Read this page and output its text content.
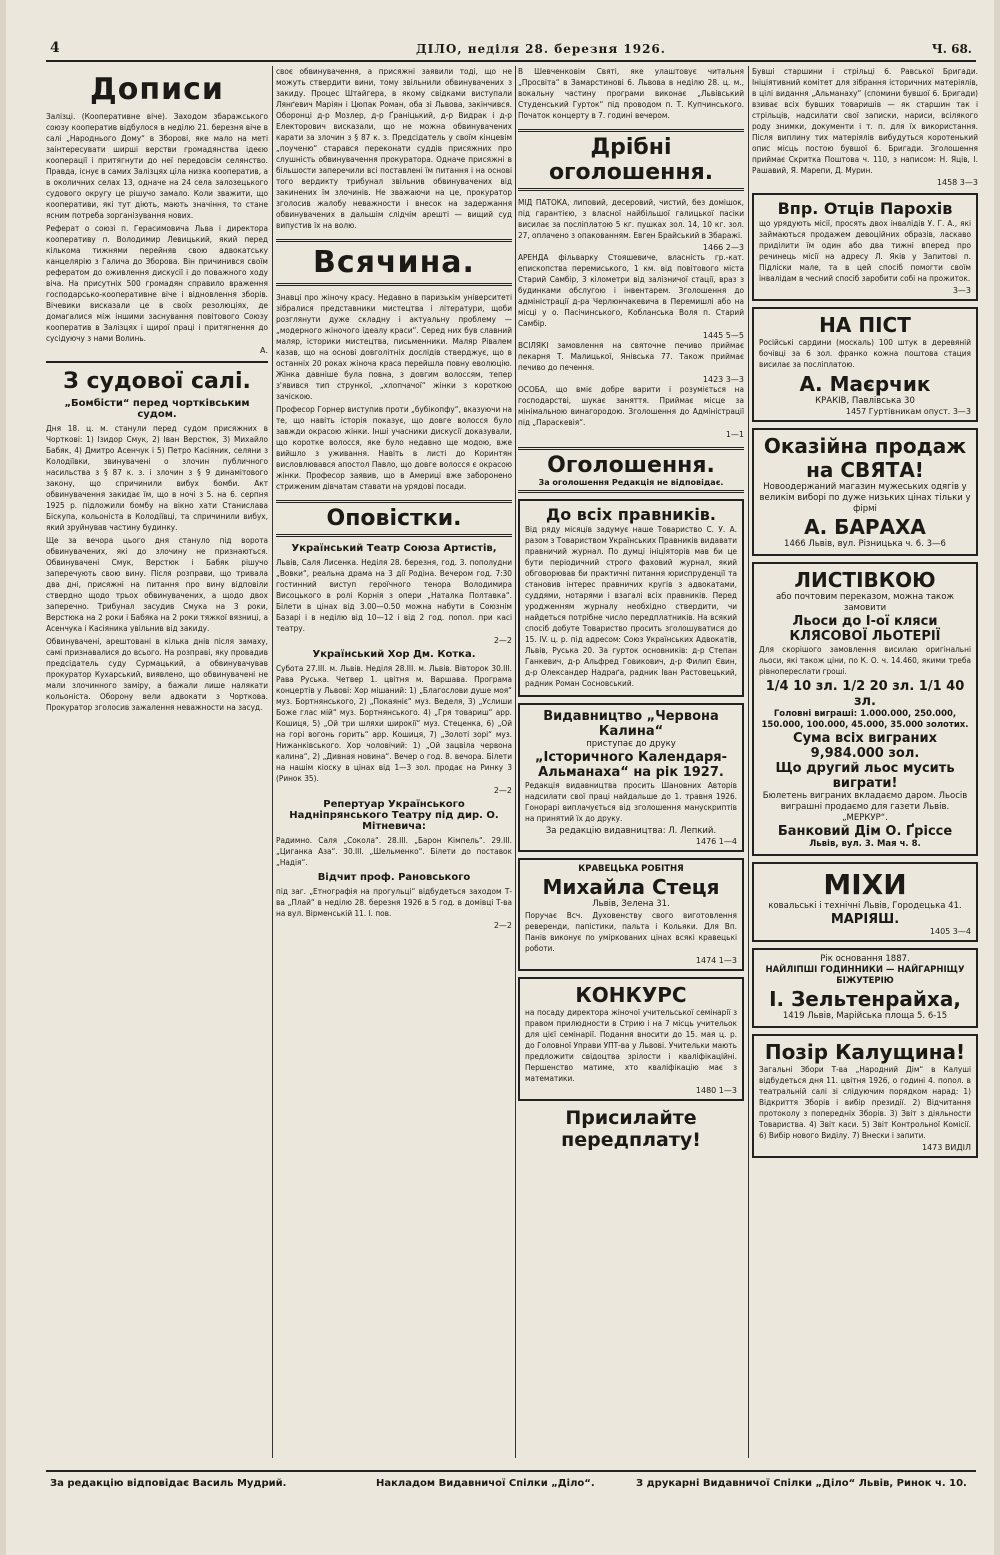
4	ДІЛО, неділя 28. березня 1926.	Ч. 68.
Дописи

Залізці. (Кооперативне віче). Заходом збаражського союзу кооператив відбулося в неділю 21. березня віче в салі „Народнього Дому“ в Зборові, яке мало на меті заінтересувати ширші верстви громадянства ідеєю кооперації і притягнути до неї передовсім селянство. Правда, існує в самих Залізцях ціла низка кооператив, а в околичних селах 13, одначе на 24 села залозецького судового округу це рішучо замало. Коли зважити, що кооперативи, які тут діють, мають значіння, то стане ясним потреба зорганізування нових.

Реферат о союзі п. Герасимовича Льва і директора кооперативу п. Володимир Левицький, який перед кількома тижнями перейняв свою адвокатську канцелярію з Галича до Зборова. Він причинився своїм рефератом до оживлення дискусії і до поважного ходу віча. На присутніх 500 громадян справило враження господарсько-кооперативне віче і відновлення зборів. Вічевики висказали це в своїх резолюціях, де домагалися між іншими заснування повітового Союзу кооператив в Залізцях і щирої праці і притягнення до сусідуючу з нами Волинь.

А.
З судової салі.
„Бомбісти“ перед чортківським судом.

Дня 18. ц. м. станули перед судом присяжних в Чорткові: 1) Ізидор Смук, 2) Іван Верстюк, 3) Михайло Бабяк, 4) Дмитро Асенчук і 5) Петро Касіяник, селяни з Колодіївки, звинувачені о злочин публичного насильства з § 87 к. з. і злочин з § 9 динамітового закону, що спричинили вибух бомби. Акт обвинувачення закидає їм, що в ночі з 5. на 6. серпня 1925 р. підложили бомбу на вікно хати Станислава Біскупа, кольоніста в Колодіївці, та спричинили вибух, який зруйнував частину будинку.

Ще за вечора цього дня стануло під ворота обвинувачених, які до злочину не признаються. Обвинувачені Смук, Верстюк і Бабяк рішучо заперечують свою вину. Після розправи, що тривала два дні, присяжні на питання про вину відповіли ствердно щодо трьох обвинувачених, а щодо двох заперечно. Трибунал засудив Смука на 3 роки, Верстюка на 2 роки і Бабяка на 2 роки тяжкої вязниці, а Асенчука і Касіяника увільнив від закиду.

Обвинувачені, арештовані в кілька днів після замаху, самі признавалися до всього. На розправі, яку провадив предсідатель суду Сурмацький, а обвинувачував прокуратор Кухарський, виявлено, що обвинувачені не мали злочинного заміру, а бажали лише налякати кольоніста. Оборону вели адвокати з Чорткова. Прокуратор зголосив зажалення неважности на засуд.

своє обвинувачення, а присяжні заявили тоді, що не можуть ствердити вини, тому звільнили обвинувачених з закиду. Процес Штайгера, в якому свідками виступали Лянґевич Маріян і Цюпак Роман, оба зі Львова, закінчився. Оборонці д-р Мозлер, д-р Ґраніцький, д-р Видрак і д-р Електорович висказали, що не можна обвинувачених карати за злочин з § 87 к. з. Предсідатель у своїм кінцевім „поученю“ старався переконати суддів присяжних про слушність обвинувачення прокуратора. Одначе присяжні в більшости заперечили всі поставлені їм питання і на основі того вердикту трибунал звільнив обвинувачених від закинених їм злочинів. Не зважаючи на це, прокуратор зголосив жалобу неважности і внесок на задержання обвинувачених в дальшім слідчім арешті — вищий суд випустив їх на волю.

Всячина.

Знавці про жіночу красу. Недавно в паризькім університеті зібралися представники мистецтва і літератури, щоби розглянути дуже складну і актуальну проблему — „модерного жіночого ідеалу краси“. Серед них був славний маляр, історики мистецтва, письменники. Маляр Рівалем казав, що на основі довголітніх дослідів стверджує, що в останніх 20 роках жіноча краса перейшла повну еволюцію. Жінка давніше була повна, з довгим волоссям, тепер з'явився тип стрункої, „хлопчачої“ жінки з короткою зачіскою.

Професор Горнер виступив проти „бубікопфу“, вказуючи на те, що навіть історія показує, що довге волосся було завжди окрасою жінки. Інші учасники дискусії доказували, що коротке волосся, яке було недавно ще модою, вже вийшло з уживання. Навіть в листі до Коринтян висловлювався апостол Павло, що довге волосся є окрасою жінки. Професор заявив, що в Америці вже заборонено стриженим дівчатам ставати на урядові посади.

Оповістки.
Український Театр Союза Артистів,

Львів, Саля Лисенка. Неділя 28. березня, год. 3. пополудни „Вовки“, реальна драма на 3 дії Родіна. Вечером год. 7:30 гостинний виступ героїчного тенора Володимира Висоцького в ролі Корнія з опери „Наталка Полтавка“. Білети в цінах від 3.00—0.50 можна набути в Союзнім Базарі і в неділю від 10—12 і від 2 год. попол. при касі театру.

2—2
Український Хор Дм. Котка.

Субота 27.III. м. Львів. Неділя 28.III. м. Львів. Вівторок 30.III. Рава Руська. Четвер 1. цвітня м. Варшава. Програма концертів у Львові: Хор мішаний: 1) „Благослови душе моя“ муз. Бортнянського, 2) „Покаяніє“ муз. Веделя, 3) „Услиши Боже глас мій“ муз. Бортнянського. 4) „Гря товариш“ арр. Кошиця, 5) „Ой три шляхи широкії“ муз. Стеценка, 6) „Ой на горі вогонь горить“ арр. Кошиця, 7) „Золоті зорі“ муз. Нижанківського. Хор чоловічий: 1) „Ой зацвіла червона калина“, 2) „Дивная новина“. Вечер о год. 8. вечора. Білети на нашім кіоску в цінах від 1—3 зол. продає на Ринку 3 (Ринок 35).

2—2
Репертуар Українського Надніпрянського Театру під дир. О. Мітневича:

Радимно. Саля „Сокола“. 28.III. „Барон Кімпель“. 29.III. „Циганка Аза“. 30.III. „Шельменко“. Білети до поставок „Надія“.

Відчит проф. Рановського

під заг. „Етнографія на прогульці“ відбудеться заходом Т-ва „Плай“ в неділю 28. березня 1926 в 5 год. в домівці Т-ва на вул. Вірменській 11. І. пов.

2—2

В Шевченковім Святі, яке улаштовує читальня „Просвіта“ в Замарстинові 6. Львова в неділю 28. ц. м., вокальну частину програми виконає „Львівський Студенський Гурток“ під проводом п. Т. Купчинського. Початок концерту в 7. годині вечером.

Дрібні оголошення.

МІД ПАТОКА, липовий, десеровий, чистий, без домішок, під гарантією, з власної найбільшої галицької пасіки висилає за посліплатою 5 кг. пушках зол. 14, 10 кг. зол. 27, оплачено з опакованням. Евген Брайський в Збаражі.

1466 2—3

АРЕНДА фільварку Стояшевиче, власність гр.-кат. епископства перемиського, 1 км. від повітового міста Старий Самбір, 3 кілометри від залізничої стації, враз з будинками обслугою і інвентарем. Зголошення до адміністрації д-ра Черлюнчакевича в Перемишлі або на місці у о. Пасічинського, Кобланська Воля п. Старий Самбір.

1445 5—5

ВСІЛЯКІ замовлення на святочне печиво приймає пекарня Т. Малицької, Янівська 77. Також приймає печиво до печення.

1423 3—3

ОСОБА, що вміє добре варити і розуміється на господарстві, шукає заняття. Приймає місце за мінімальною винагородою. Зголошення до Адміністрації під „Параскевія“.

1—1
Оголошення.
За оголошення Редакція не відповідає.
До всіх правників.

Від ряду місяців задумує наше Товариство С. У. А. разом з Товариством Українських Правників видавати правничий журнал. По думці ініціяторів мав би це бути періодичний строго фаховий журнал, який обговорював би практичні питання юриспруденції та становив інтерес правничих кругів з адвокатами, суддями, нотарями і взагалі всіх правників. Перед уродженням журналу необхідно ствердити, чи найдеться потрібне число передплатників. На всякий спосіб добуте Товариство просить зголошуватися до 15. IV. ц. р. під адресом: Союз Українських Адвокатів, Львів, Руська 20. За гурток основників: д-р Степан Ганкевич, д-р Альфред Говикович, д-р Филип Євин, д-р Олександер Надраґа, радник Іван Растовецький, радник Роман Сосновський.

Видавництво „Червона Калина“
приступає до друку
„Історичного Календаря-Альманаха“ на рік 1927.

Редакція видавництва просить Шановних Авторів надсилати свої праці найдальше до 1. травня 1926. Гонорарі виплачується від зголошення манускриптів на принятий їх до друку.

За редакцію видавництва: Л. Лепкий.
1476 1—4
КРАВЕЦЬКА РОБІТНЯ
Михайла Стеця
Львів, Зелена 31.

Поручає Всч. Духовенству свого виготовлення реверенди, папістики, пальта і Кольяки. Для Вп. Панів виконує по уміркованих цінах всякі кравецькі роботи.

1474 1—3
КОНКУРС

на посаду директора жіночої учительської семінарії з правом прилюдности в Стрию і на 7 місць учительок для цієї семінарії. Подання вносити до 15. мая ц. р. до Головної Управи УПТ-ва у Львові. Учительки мають предложити свідоцтва зрілости і кваліфікаційні. Першенство матиме, хто кваліфікацію має з математики.

1480 1—3
Присилайте передплату!

Бувші старшини і стрільці 6. Равської Бригади. Ініціятивний комітет для зібрання історичних матеріялів, в цілі видання „Альманаху“ (спомини бувшої 6. Бригади) взиває всіх бувших товаришів — як старшин так і стрільців, надсилати свої записки, нариси, всілякого роду знимки, документи і т. п. для їх використання. Після виплину тих матеріялів вибудуться коротенький опис місць постою бувшої 6. Бригади. Зголошення приймає Скритка Поштова ч. 110, з написом: Н. Яців, І. Рашавий, Я. Марепи, Д. Мурин.

1458 3—3
Впр. Отців Парохів

що урядують місії, просять двох інвалідів У. Г. А., які займаються продажем девоційних образів, ласкаво приділити їм один або два тижні вперед про речинець місії на адресу Л. Яків у Запитові п. Підліски мале, та в цей спосіб помогти своїм інвалідам в чесний спосіб заробити собі на прожиток.

3—3
НА ПІСТ

Російські сардини (москаль) 100 штук в деревяній бочівці за 6 зол. франко кожна поштова стация висилає за посліплатою.

А. Маєрчик
КРАКІВ, Павлівська 30
1457 Гуртівникам опуст. 3—3
Оказійна продаж на СВЯТА!
Новоодержаний магазин мужеських одягів у великім виборі по дуже низьких цінах тільки у фірмі
А. БАРАХА
1466 Львів, вул. Різницька ч. 6. 3—6
ЛИСТІВКОЮ
або почтовим переказом, можна також замовити
Льоси до І-ої кляси КЛЯСОВОЇ ЛЬОТЕРІЇ

Для скорішого замовлення висилаю оригінальні льоси, які також ціни, по К. О. ч. 14.460, якими треба рівнопереслати гроші.

1/4 10 зл. 1/2 20 зл. 1/1 40 зл.
Головні виграші: 1.000.000, 250.000, 150.000, 100.000, 45.000, 35.000 золотих.
Сума всіх виграних 9,984.000 зол.
Що другий льос мусить виграти!
Бюлетень виграних вкладаємо даром. Льосів виграшні продаємо для газети Львів. „МЕРКУР“.
Банковий Дім О. Ґріссе
Львів, вул. 3. Мая ч. 8.
МІХИ
ковальські і технічні Львів, Городецька 41.
МАРІЯШ.
1405 3—4
Рік основання 1887.
НАЙЛІПШІ ГОДИННИКИ — НАЙГАРНІЩУ БІЖУТЕРІЮ
І. Зельтенрайха,
1419 Львів, Марійська площа 5. 6-15
Позір Калущина!

Загальні Збори Т-ва „Народний Дім“ в Калуші відбудеться дня 11. цвітня 1926, о годині 4. попол. в театральній салі зі слідуючим порядком нарад: 1) Відкриття Зборів і вибір президії. 2) Відчитання протоколу з попередніх Зборів. 3) Звіт з діяльности Товариства. 4) Звіт каси. 5) Звіт Контрольної Комісії. 6) Вибір нового Виділу. 7) Внески і запити.

1473 ВИДІЛ
За редакцію відповідає Василь Мудрий.	Накладом Видавничої Спілки „Діло“.	З друкарні Видавничої Спілки „Діло“ Львів, Ринок ч. 10.
